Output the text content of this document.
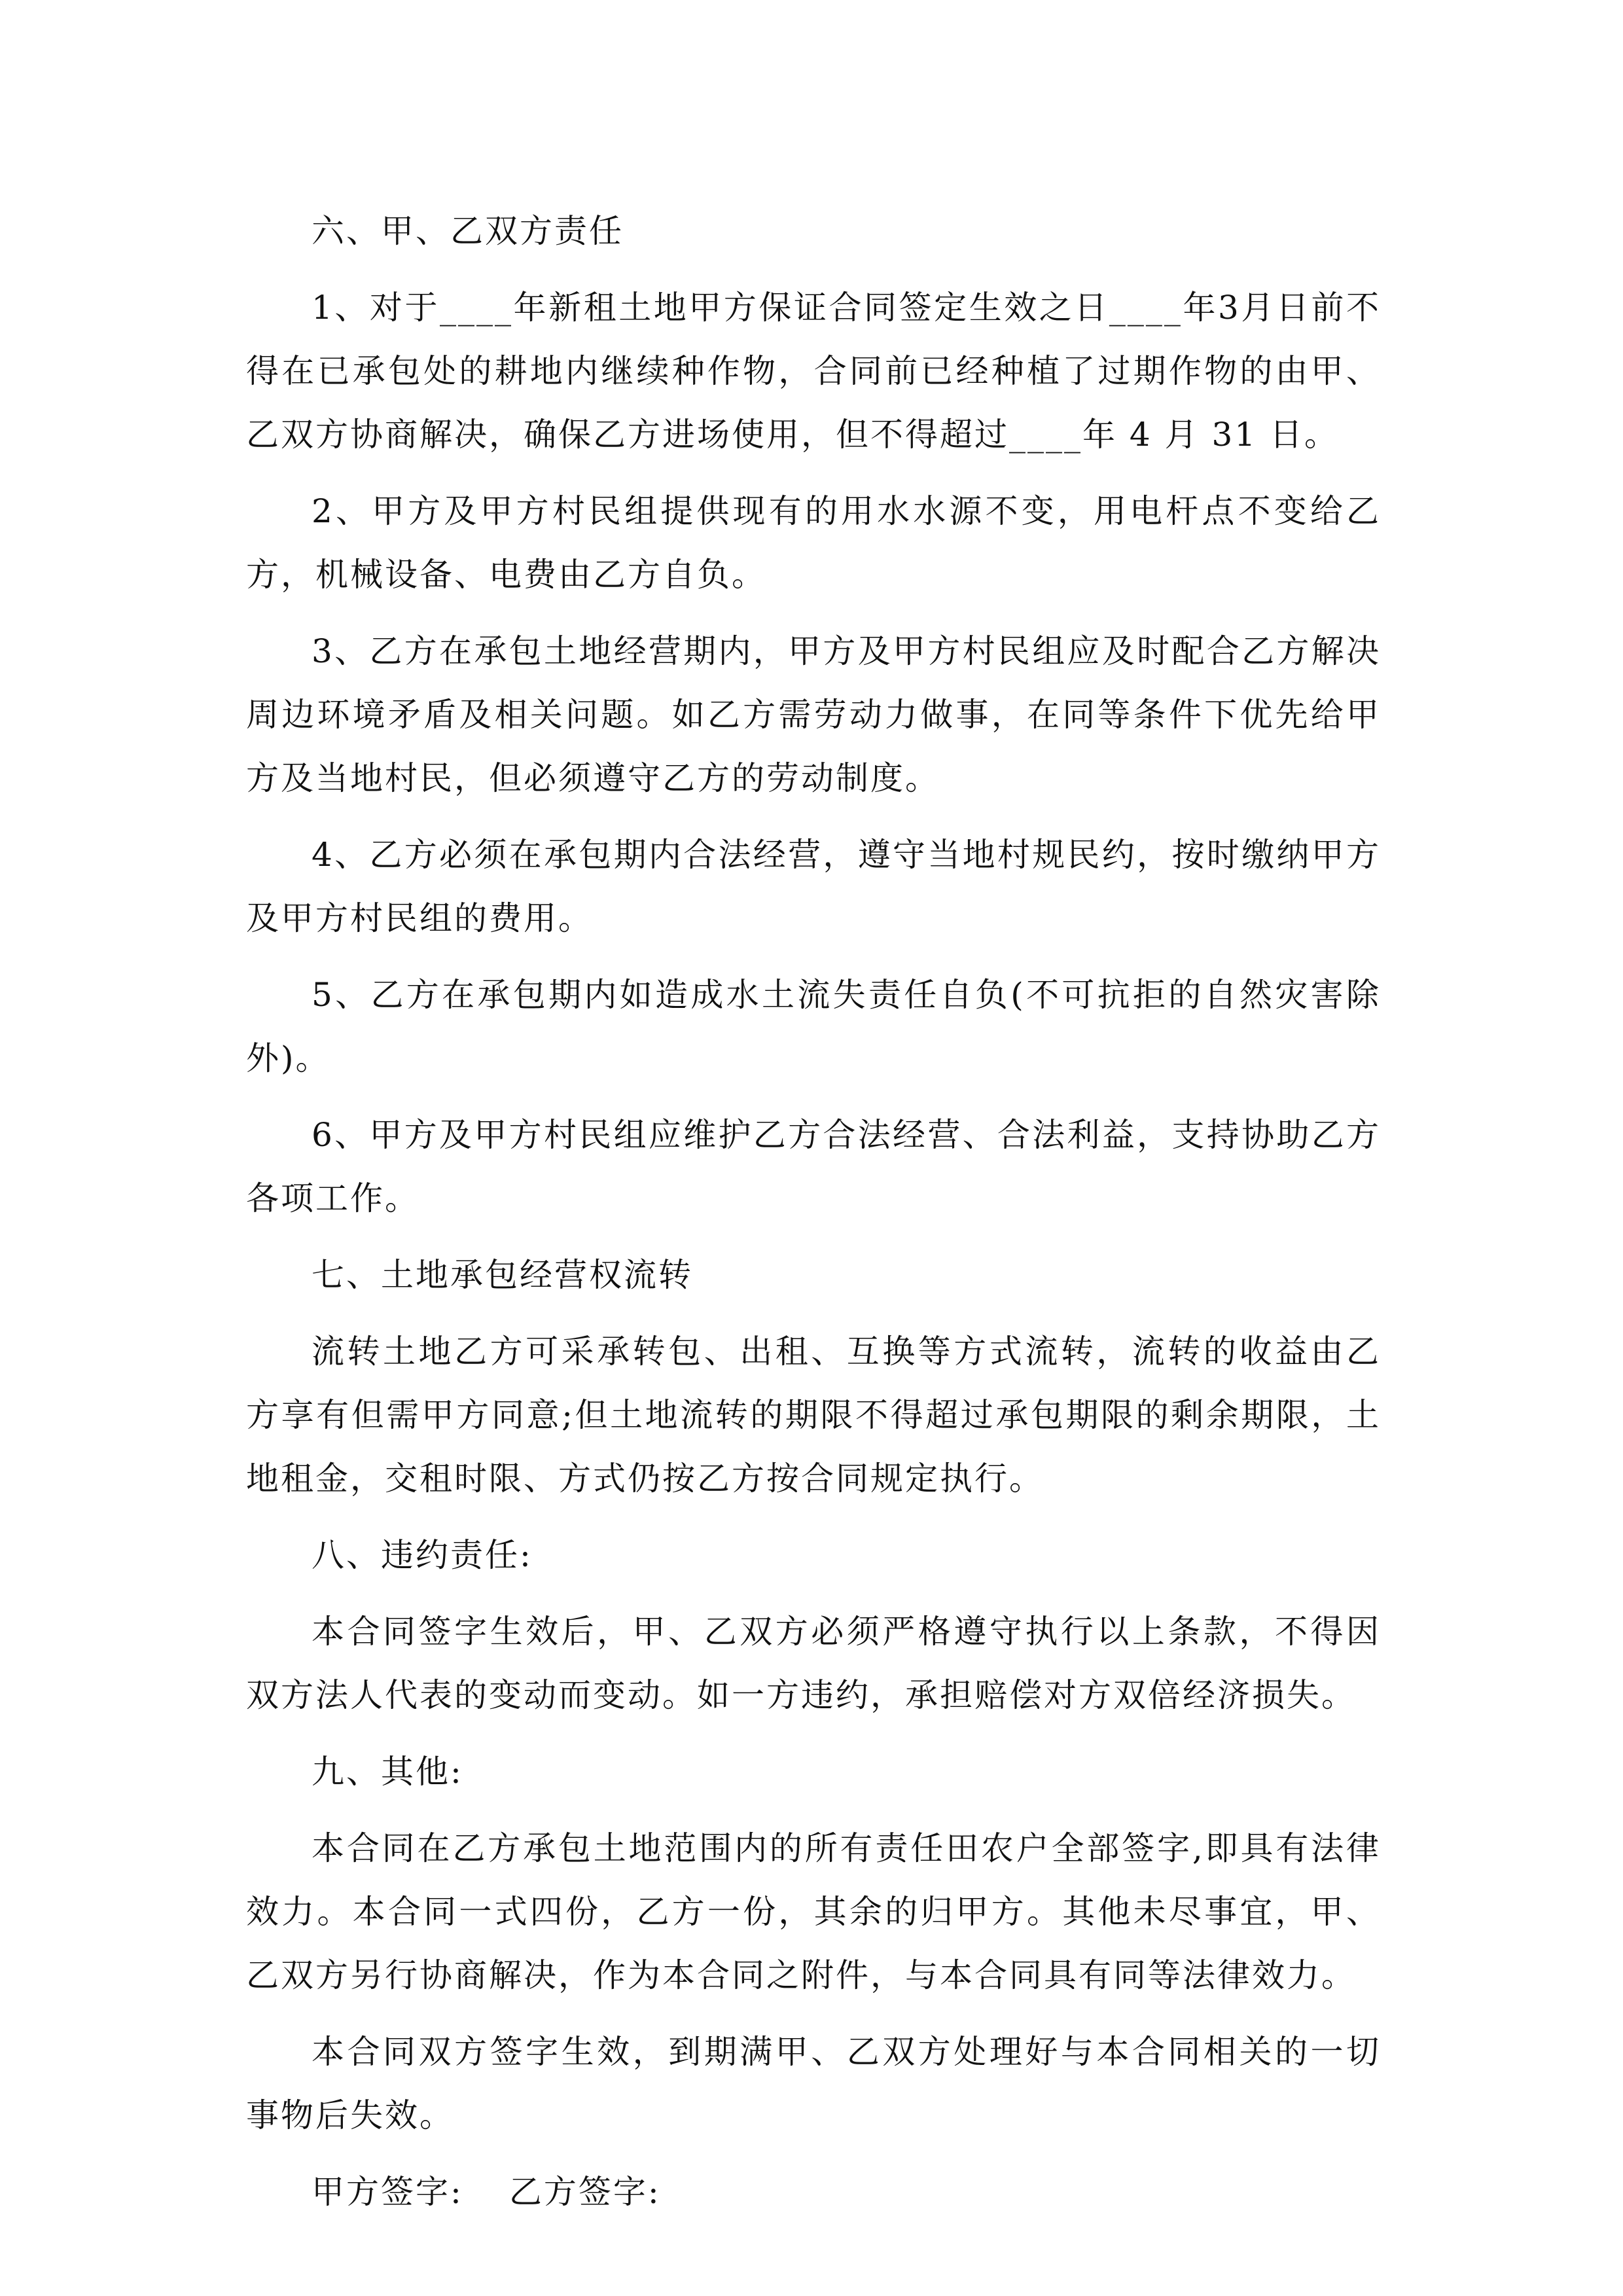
六、甲、乙双方责任

1、对于____年新租土地甲方保证合同签定生效之日____年3月日前不得在已承包处的耕地内继续种作物，合同前已经种植了过期作物的由甲、乙双方协商解决，确保乙方进场使用，但不得超过____年 4 月 31 日。

2、甲方及甲方村民组提供现有的用水水源不变，用电杆点不变给乙方，机械设备、电费由乙方自负。

3、乙方在承包土地经营期内，甲方及甲方村民组应及时配合乙方解决周边环境矛盾及相关问题。如乙方需劳动力做事，在同等条件下优先给甲方及当地村民，但必须遵守乙方的劳动制度。

4、乙方必须在承包期内合法经营，遵守当地村规民约，按时缴纳甲方及甲方村民组的费用。

5、乙方在承包期内如造成水土流失责任自负(不可抗拒的自然灾害除外)。

6、甲方及甲方村民组应维护乙方合法经营、合法利益，支持协助乙方各项工作。

七、土地承包经营权流转

流转土地乙方可采承转包、出租、互换等方式流转，流转的收益由乙方享有但需甲方同意;但土地流转的期限不得超过承包期限的剩余期限，土地租金，交租时限、方式仍按乙方按合同规定执行。

八、违约责任:

本合同签字生效后，甲、乙双方必须严格遵守执行以上条款，不得因双方法人代表的变动而变动。如一方违约，承担赔偿对方双倍经济损失。

九、其他:

本合同在乙方承包土地范围内的所有责任田农户全部签字,即具有法律效力。本合同一式四份，乙方一份，其余的归甲方。其他未尽事宜，甲、乙双方另行协商解决，作为本合同之附件，与本合同具有同等法律效力。

本合同双方签字生效，到期满甲、乙双方处理好与本合同相关的一切事物后失效。

甲方签字: 乙方签字:
